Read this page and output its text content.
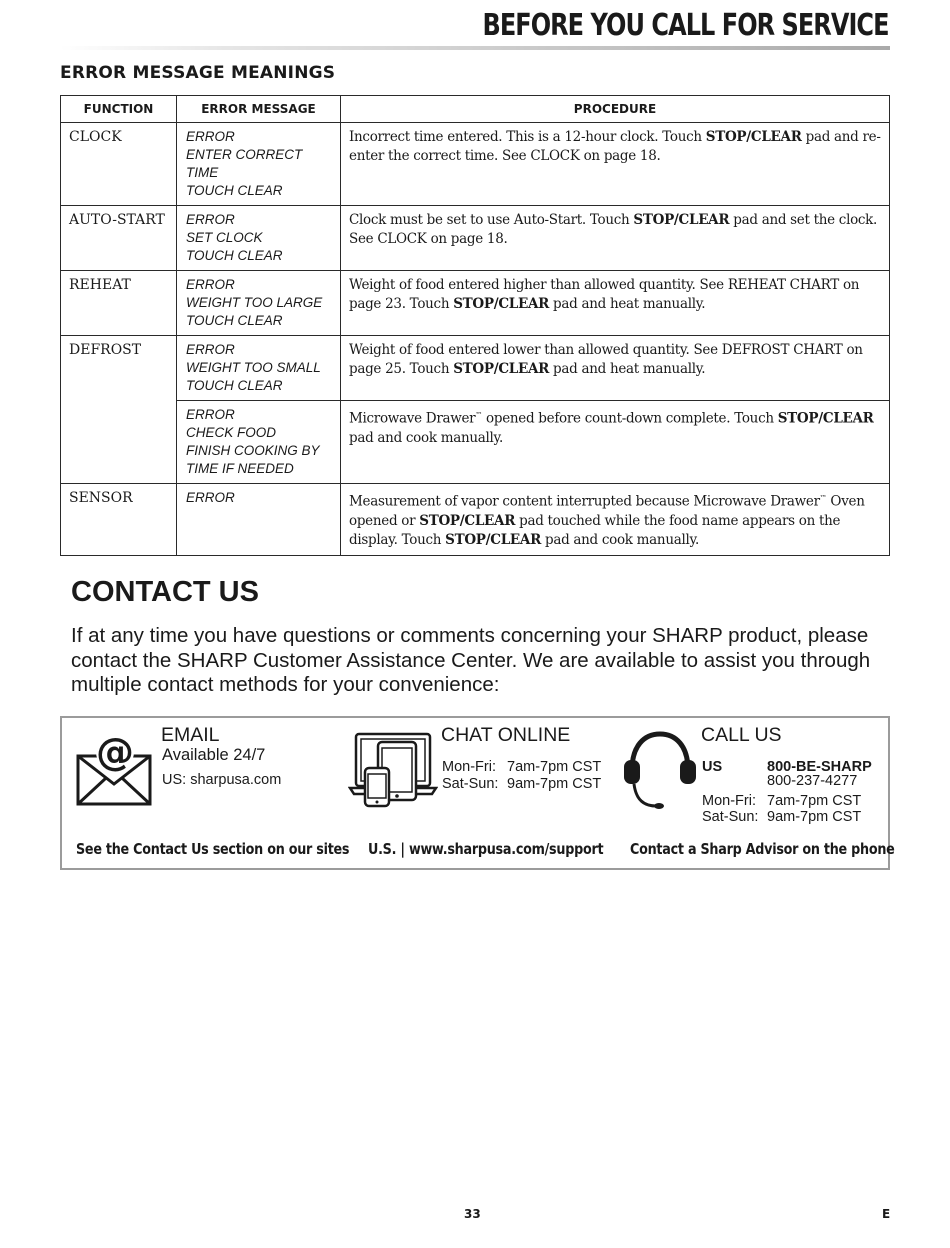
BEFORE YOU CALL FOR SERVICE
ERROR MESSAGE MEANINGS
FUNCTION	ERROR MESSAGE	PROCEDURE
CLOCK	ERROR
ENTER CORRECT TIME
TOUCH CLEAR	Incorrect time entered. This is a 12-hour clock. Touch STOP/CLEAR pad and re-enter the correct time. See CLOCK on page 18.
AUTO-START	ERROR
SET CLOCK
TOUCH CLEAR	Clock must be set to use Auto-Start. Touch STOP/CLEAR pad and set the clock. See CLOCK on page 18.
REHEAT	ERROR
WEIGHT TOO LARGE
TOUCH CLEAR	Weight of food entered higher than allowed quantity. See REHEAT CHART on page 23. Touch STOP/CLEAR pad and heat manually.
DEFROST	ERROR
WEIGHT TOO SMALL
TOUCH CLEAR	Weight of food entered lower than allowed quantity. See DEFROST CHART on page 25. Touch STOP/CLEAR pad and heat manually.

	ERROR
CHECK FOOD
FINISH COOKING BY
TIME IF NEEDED	Microwave Drawer™ opened before count-down complete. Touch STOP/CLEAR pad and cook manually.
SENSOR	ERROR	Measurement of vapor content interrupted because Microwave Drawer™ Oven opened or STOP/CLEAR pad touched while the food name appears on the display. Touch STOP/CLEAR pad and cook manually.
CONTACT US
If at any time you have questions or comments concerning your SHARP product, please contact the SHARP Customer Assistance Center. We are available to assist you through multiple contact methods for your convenience:
@ EMAIL
Available 24/7
US: sharpusa.com
See the Contact Us section on our sites
CHAT ONLINE
Mon-Fri: 7am-7pm CST
Sat-Sun: 9am-7pm CST
U.S. | www.sharpusa.com/support
CALL US
US	800-BE-SHARP
800-237-4277
Mon-Fri: 7am-7pm CST
Sat-Sun: 9am-7pm CST
Contact a Sharp Advisor on the phone
33	E
